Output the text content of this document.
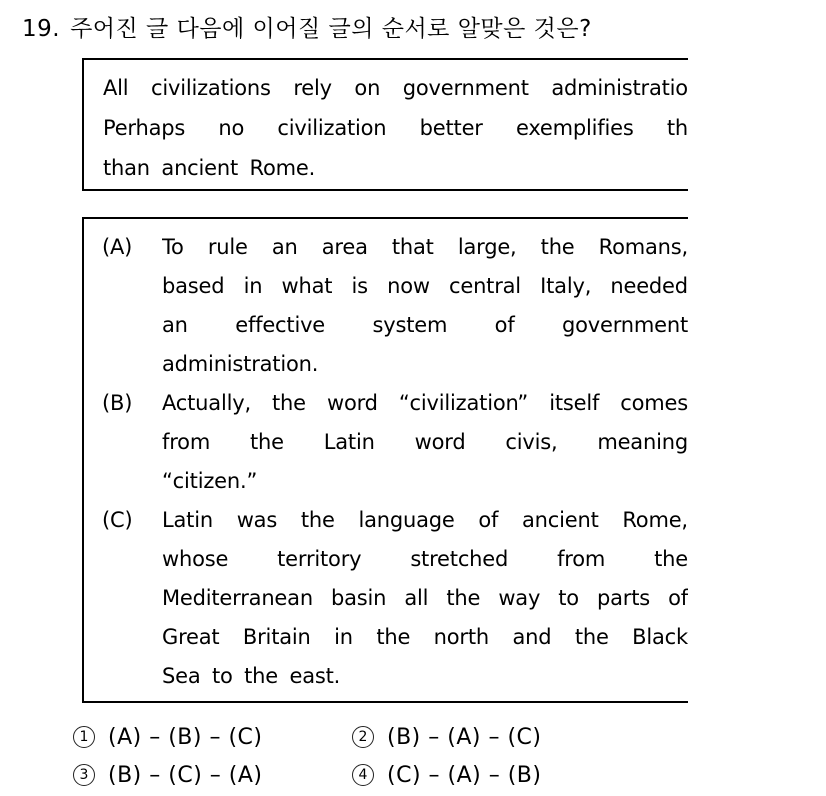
19. 주어진 글 다음에 이어질 글의 순서로 알맞은 것은?
All civilizations rely on government administratio
Perhaps no civilization better exemplifies th
than ancient Rome.
(A) To rule an area that large, the Romans,
based in what is now central Italy, needed
an effective system of government
administration.
(B) Actually, the word “civilization” itself comes
from the Latin word civis, meaning
“citizen.”
(C) Latin was the language of ancient Rome,
whose territory stretched from the
Mediterranean basin all the way to parts of
Great Britain in the north and the Black
Sea to the east.
1 (A) – (B) – (C)	2 (B) – (A) – (C)
3 (B) – (C) – (A)	4 (C) – (A) – (B)
